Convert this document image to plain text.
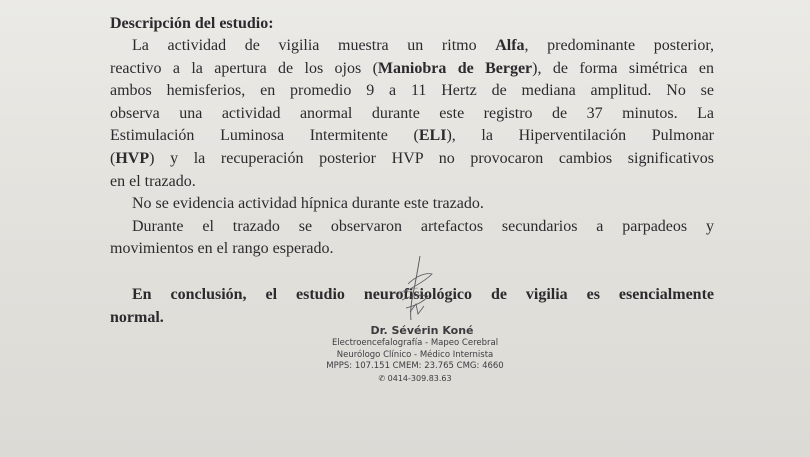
Descripción del estudio:
La actividad de vigilia muestra un ritmo Alfa, predominante posterior,
reactivo a la apertura de los ojos (Maniobra de Berger), de forma simétrica en
ambos hemisferios, en promedio 9 a 11 Hertz de mediana amplitud. No se
observa una actividad anormal durante este registro de 37 minutos. La
Estimulación Luminosa Intermitente (ELI), la Hiperventilación Pulmonar
(HVP) y la recuperación posterior HVP no provocaron cambios significativos
en el trazado.
No se evidencia actividad hípnica durante este trazado.
Durante el trazado se observaron artefactos secundarios a parpadeos y
movimientos en el rango esperado.
En conclusión, el estudio neurofisiológico de vigilia es esencialmente
normal.
Dr. Sévérin Koné
Electroencefalografía - Mapeo Cerebral
Neurólogo Clínico - Médico Internista
MPPS: 107.151 CMEM: 23.765 CMG: 4660
✆ 0414-309.83.63
